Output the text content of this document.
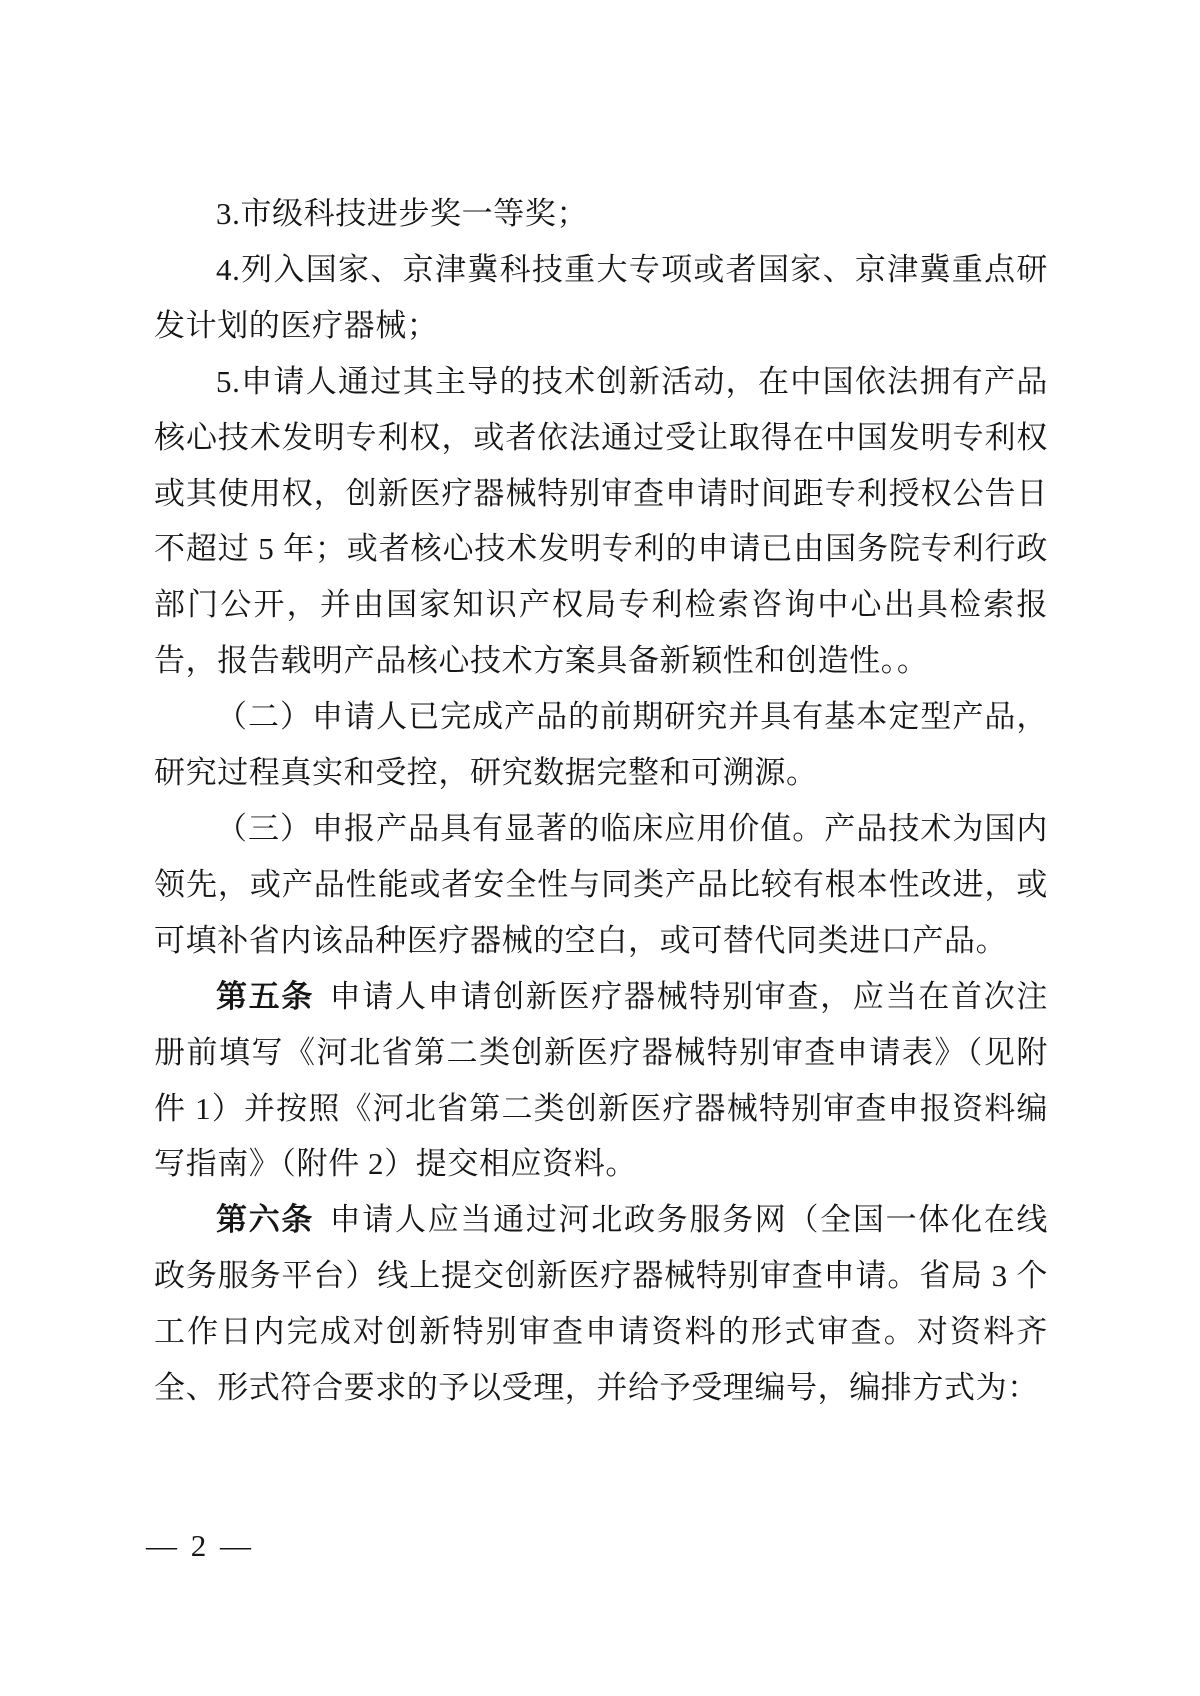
3.市级科技进步奖一等奖；

4.列入国家、京津冀科技重大专项或者国家、京津冀重点研发计划的医疗器械；

5.申请人通过其主导的技术创新活动，在中国依法拥有产品核心技术发明专利权，或者依法通过受让取得在中国发明专利权或其使用权，创新医疗器械特别审查申请时间距专利授权公告日不超过 5 年；或者核心技术发明专利的申请已由国务院专利行政部门公开，并由国家知识产权局专利检索咨询中心出具检索报告，报告载明产品核心技术方案具备新颖性和创造性。。

（二）申请人已完成产品的前期研究并具有基本定型产品，研究过程真实和受控，研究数据完整和可溯源。

（三）申报产品具有显著的临床应用价值。产品技术为国内领先，或产品性能或者安全性与同类产品比较有根本性改进，或可填补省内该品种医疗器械的空白，或可替代同类进口产品。

第五条 申请人申请创新医疗器械特别审查，应当在首次注册前填写《河北省第二类创新医疗器械特别审查申请表》（见附件 1）并按照《河北省第二类创新医疗器械特别审查申报资料编写指南》（附件 2）提交相应资料。

第六条 申请人应当通过河北政务服务网（全国一体化在线政务服务平台）线上提交创新医疗器械特别审查申请。省局 3 个工作日内完成对创新特别审查申请资料的形式审查。对资料齐全、形式符合要求的予以受理，并给予受理编号，编排方式为：

— 2 —
